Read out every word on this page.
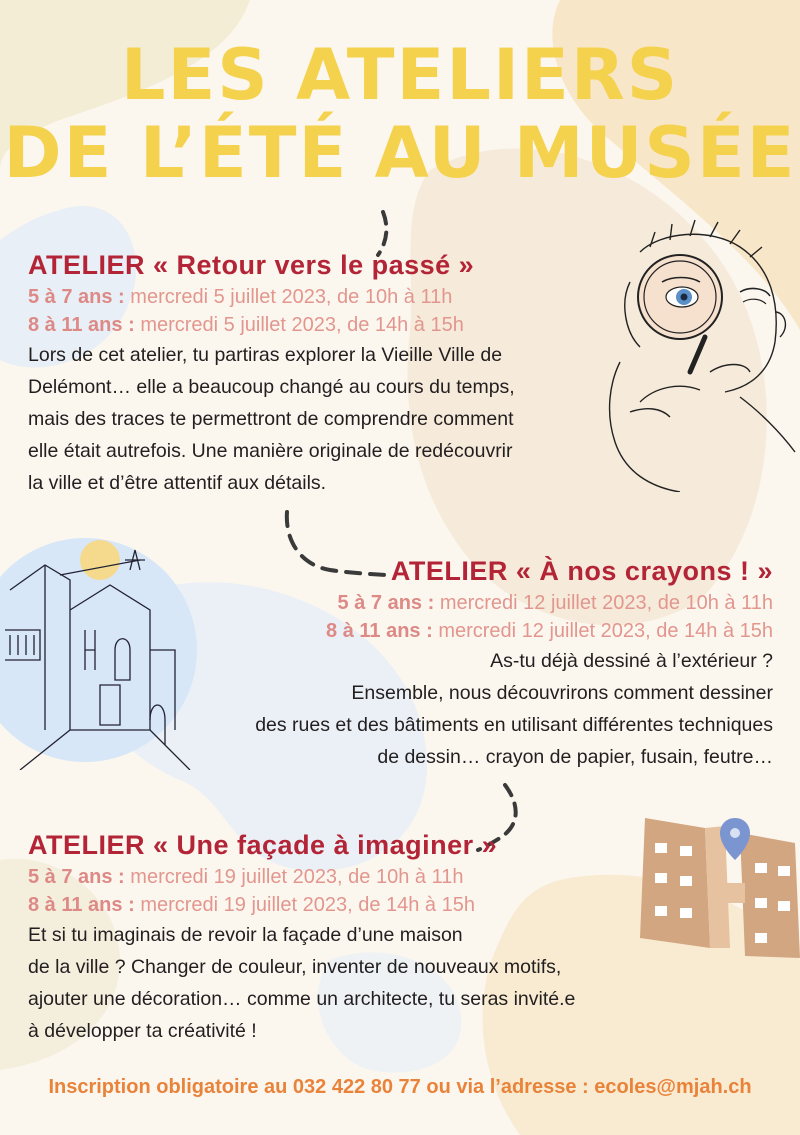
LES ATELIERS
DE L’ÉTÉ AU MUSÉE
ATELIER « Retour vers le passé »
5 à 7 ans : mercredi 5 juillet 2023, de 10h à 11h
8 à 11 ans : mercredi 5 juillet 2023, de 14h à 15h
Lors de cet atelier, tu partiras explorer la Vieille Ville de
Delémont… elle a beaucoup changé au cours du temps,
mais des traces te permettront de comprendre comment
elle était autrefois. Une manière originale de redécouvrir
la ville et d’être attentif aux détails.
ATELIER « À nos crayons ! »
5 à 7 ans : mercredi 12 juillet 2023, de 10h à 11h
8 à 11 ans : mercredi 12 juillet 2023, de 14h à 15h
As-tu déjà dessiné à l’extérieur ?
Ensemble, nous découvrirons comment dessiner
des rues et des bâtiments en utilisant différentes techniques
de dessin… crayon de papier, fusain, feutre…
ATELIER « Une façade à imaginer »
5 à 7 ans : mercredi 19 juillet 2023, de 10h à 11h
8 à 11 ans : mercredi 19 juillet 2023, de 14h à 15h
Et si tu imaginais de revoir la façade d’une maison
de la ville ? Changer de couleur, inventer de nouveaux motifs,
ajouter une décoration… comme un architecte, tu seras invité.e
à développer ta créativité !
Inscription obligatoire au 032 422 80 77 ou via l’adresse : ecoles@mjah.ch
